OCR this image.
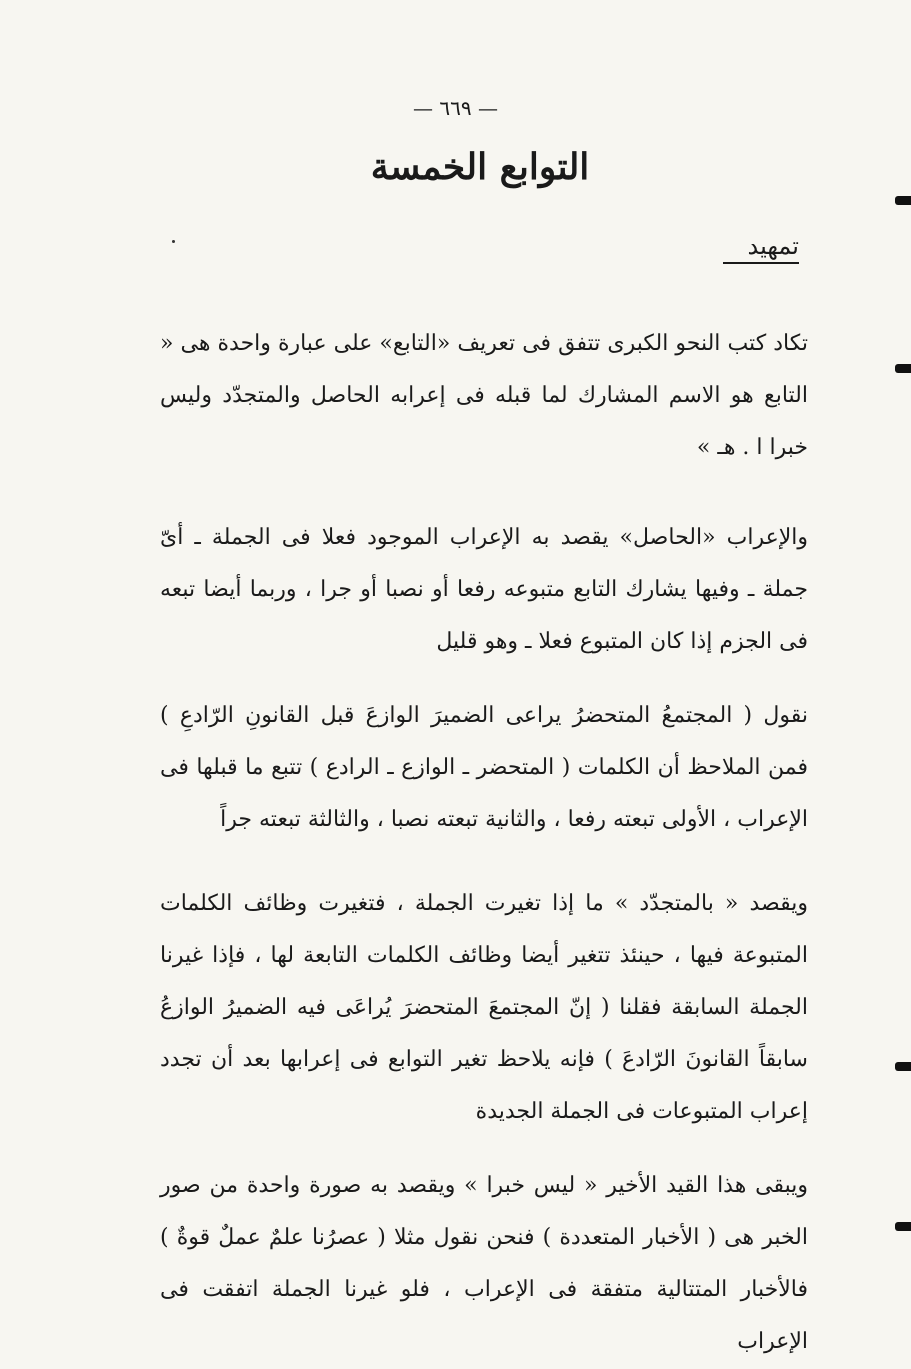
— ٦٦٩ —
التوابع الخمسة
تمهيد

تكاد كتب النحو الكبرى تتفق فى تعريف «التابع» على عبارة واحدة هى « التابع هو الاسم المشارك لما قبله فى إعرابه الحاصل والمتجدّد وليس خبرا ا . هـ »

والإعراب «الحاصل» يقصد به الإعراب الموجود فعلا فى الجملة ـ أىّ جملة ـ وفيها يشارك التابع متبوعه رفعا أو نصبا أو جرا ، وربما أيضا تبعه فى الجزم إذا كان المتبوع فعلا ـ وهو قليل

نقول ( المجتمعُ المتحضرُ يراعى الضميرَ الوازعَ قبل القانونِ الرّادعِ ) فمن الملاحظ أن الكلمات ( المتحضر ـ الوازع ـ الرادع ) تتبع ما قبلها فى الإعراب ، الأولى تبعته رفعا ، والثانية تبعته نصبا ، والثالثة تبعته جراً

ويقصد « بالمتجدّد » ما إذا تغيرت الجملة ، فتغيرت وظائف الكلمات المتبوعة فيها ، حينئذ تتغير أيضا وظائف الكلمات التابعة لها ، فإذا غيرنا الجملة السابقة فقلنا ( إنّ المجتمعَ المتحضرَ يُراعَى فيه الضميرُ الوازعُ سابقاً القانونَ الرّادعَ ) فإنه يلاحظ تغير التوابع فى إعرابها بعد أن تجدد إعراب المتبوعات فى الجملة الجديدة

ويبقى هذا القيد الأخير « ليس خبرا » ويقصد به صورة واحدة من صور الخبر هى ( الأخبار المتعددة ) فنحن نقول مثلا ( عصرُنا علمٌ عملٌ قوةٌ ) فالأخبار المتتالية متفقة فى الإعراب ، فلو غيرنا الجملة اتفقت فى الإعراب
